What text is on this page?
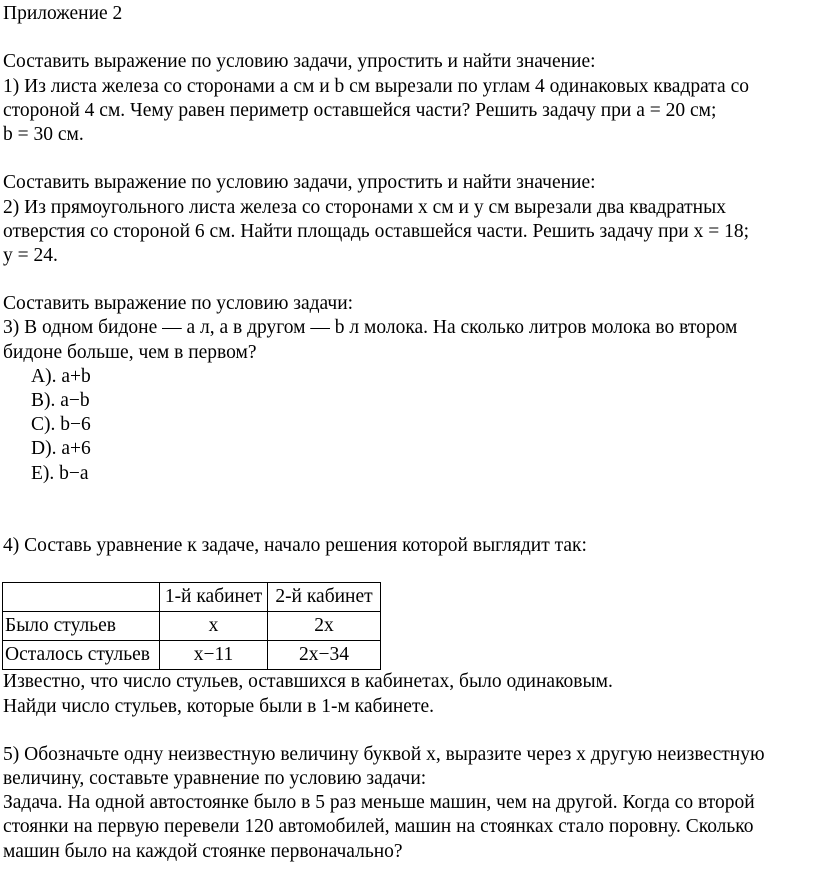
Приложение 2
Составить выражение по условию задачи, упростить и найти значение:
1) Из листа железа со сторонами a см и b см вырезали по углам 4 одинаковых квадрата со
стороной 4 см. Чему равен периметр оставшейся части? Решить задачу при a = 20 см;
b = 30 см.
Составить выражение по условию задачи, упростить и найти значение:
2) Из прямоугольного листа железа со сторонами x см и y см вырезали два квадратных
отверстия со стороной 6 см. Найти площадь оставшейся части. Решить задачу при x = 18;
y = 24.
Составить выражение по условию задачи:
3) В одном бидоне — a л, а в другом — b л молока. На сколько литров молока во втором
бидоне больше, чем в первом?
A). a+b
B). a−b
C). b−6
D). a+6
E). b−a
4) Составь уравнение к задаче, начало решения которой выглядит так:
	1-й кабинет	2-й кабинет
Было стульев	x	2x
Осталось стульев	x−11	2x−34
Известно, что число стульев, оставшихся в кабинетах, было одинаковым.
Найди число стульев, которые были в 1-м кабинете.
5) Обозначьте одну неизвестную величину буквой x, выразите через x другую неизвестную
величину, составьте уравнение по условию задачи:
Задача. На одной автостоянке было в 5 раз меньше машин, чем на другой. Когда со второй
стоянки на первую перевели 120 автомобилей, машин на стоянках стало поровну. Сколько
машин было на каждой стоянке первоначально?
